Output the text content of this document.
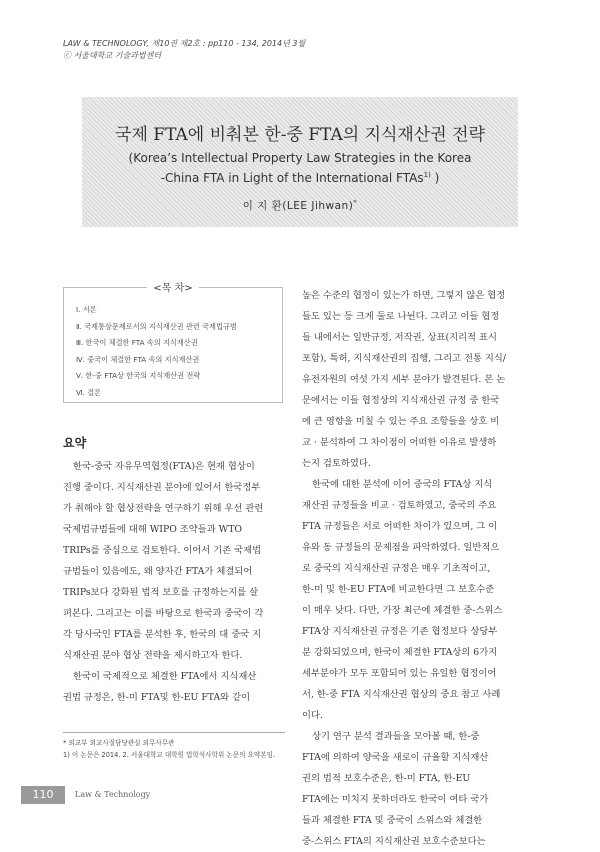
LAW & TECHNOLOGY, 제10권 제2호 : pp110 - 134, 2014년 3월
ⓒ 서울대학교 기술과법센터
국제 FTA에 비춰본 한-중 FTA의 지식재산권 전략
(Korea’s Intellectual Property Law Strategies in the Korea
-China FTA in Light of the International FTAs$^{1)}$ )
이 지 환(LEE Jihwan)*
<목 차>
Ⅰ. 서론
Ⅱ. 국제통상문제로서의 지식재산권 관련 국제법규범
Ⅲ. 한국이 체결한 FTA 속의 지식재산권
Ⅳ. 중국이 체결한 FTA 속의 지식재산권
Ⅴ. 한-중 FTA상 한국의 지식재산권 전략
Ⅵ. 결론
요약
한국-중국 자유무역협정(FTA)은 현재 협상이
진행 중이다. 지식재산권 분야에 있어서 한국정부
가 취해야 할 협상전략을 연구하기 위해 우선 관련
국제법규범들에 대해 WIPO 조약들과 WTO
TRIPs를 중심으로 검토한다. 이어서 기존 국제법
규범들이 있음에도, 왜 양자간 FTA가 체결되어
TRIPs보다 강화된 법적 보호를 규정하는지를 살
펴본다. 그리고는 이를 바탕으로 한국과 중국이 각
각 당사국인 FTA를 분석한 후, 한국의 대 중국 지
식재산권 분야 협상 전략을 제시하고자 한다.
한국이 국제적으로 체결한 FTA에서 지식재산
권법 규정은, 한-미 FTA및 한-EU FTA와 같이
높은 수준의 협정이 있는가 하면, 그렇지 않은 협정
들도 있는 등 크게 둘로 나뉜다. 그리고 이들 협정
들 내에서는 일반규정, 저작권, 상표(지리적 표시
포함), 특허, 지식재산권의 집행, 그리고 전통 지식/
유전자원의 여섯 가지 세부 분야가 발견된다. 본 논
문에서는 이들 협정상의 지식재산권 규정 중 한국
에 큰 영향을 미칠 수 있는 주요 조항들을 상호 비
교 · 분석하여 그 차이점이 어떠한 이유로 발생하
는지 검토하였다.
한국에 대한 분석에 이어 중국의 FTA상 지식
재산권 규정들을 비교 · 검토하였고, 중국의 주요
FTA 규정들은 서로 어떠한 차이가 있으며, 그 이
유와 동 규정들의 문제점을 파악하였다. 일반적으
로 중국의 지식재산권 규정은 매우 기초적이고,
한-미 및 한-EU FTA에 비교한다면 그 보호수준
이 매우 낮다. 다만, 가장 최근에 체결한 중-스위스
FTA상 지식재산권 규정은 기존 협정보다 상당부
분 강화되었으며, 한국이 체결한 FTA상의 6가지
세부분야가 모두 포함되어 있는 유일한 협정이어
서, 한-중 FTA 지식재산권 협상의 중요 참고 사례
이다.
상기 연구 분석 결과들을 모아볼 때, 한-중
FTA에 의하여 양국을 새로이 규율할 지식재산
권의 법적 보호수준은, 한-미 FTA, 한-EU
FTA에는 미치지 못하더라도 한국이 여타 국가
들과 체결한 FTA 및 중국이 스위스와 체결한
중-스위스 FTA의 지식재산권 보호수준보다는
* 외교부 외교사절담당관실 외무사무관
1) 이 논문은 2014. 2. 서울대학교 대학원 법학석사학위 논문의 요약본임.
110	Law & Technology
